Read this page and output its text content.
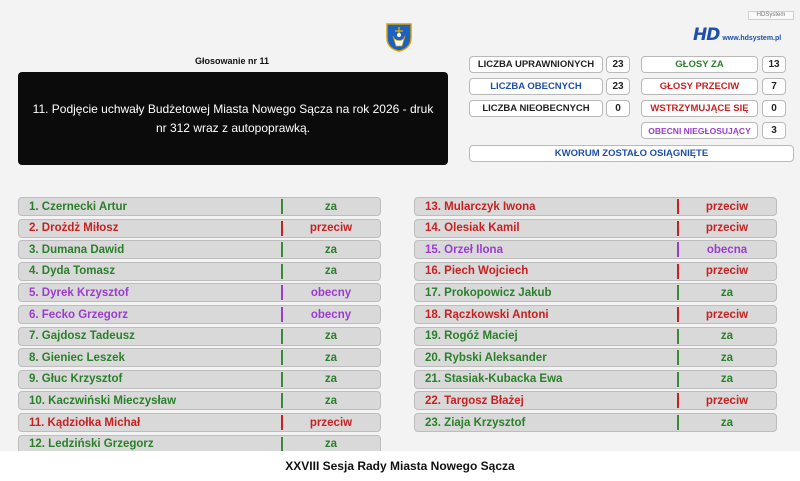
HDSystem
HD www.hdsystem.pl
Głosowanie nr 11
11. Podjęcie uchwały Budżetowej Miasta Nowego Sącza na rok 2026 - druk nr 312 wraz z autopoprawką.
LICZBA UPRAWNIONYCH	23
LICZBA OBECNYCH	23
LICZBA NIEOBECNYCH	0
GŁOSY ZA	13
GŁOSY PRZECIW	7
WSTRZYMUJĄCE SIĘ	0
OBECNI NIEGŁOSUJĄCY	3
KWORUM ZOSTAŁO OSIĄGNIĘTE
1. Czernecki Artur	za
2. Drożdż Miłosz	przeciw
3. Dumana Dawid	za
4. Dyda Tomasz	za
5. Dyrek Krzysztof	obecny
6. Fecko Grzegorz	obecny
7. Gajdosz Tadeusz	za
8. Gieniec Leszek	za
9. Głuc Krzysztof	za
10. Kaczwiński Mieczysław	za
11. Kądziołka Michał	przeciw
12. Ledziński Grzegorz	za
13. Mularczyk Iwona	przeciw
14. Olesiak Kamil	przeciw
15. Orzeł Ilona	obecna
16. Piech Wojciech	przeciw
17. Prokopowicz Jakub	za
18. Rączkowski Antoni	przeciw
19. Rogóż Maciej	za
20. Rybski Aleksander	za
21. Stasiak-Kubacka Ewa	za
22. Targosz Błażej	przeciw
23. Ziaja Krzysztof	za
XXVIII Sesja Rady Miasta Nowego Sącza
